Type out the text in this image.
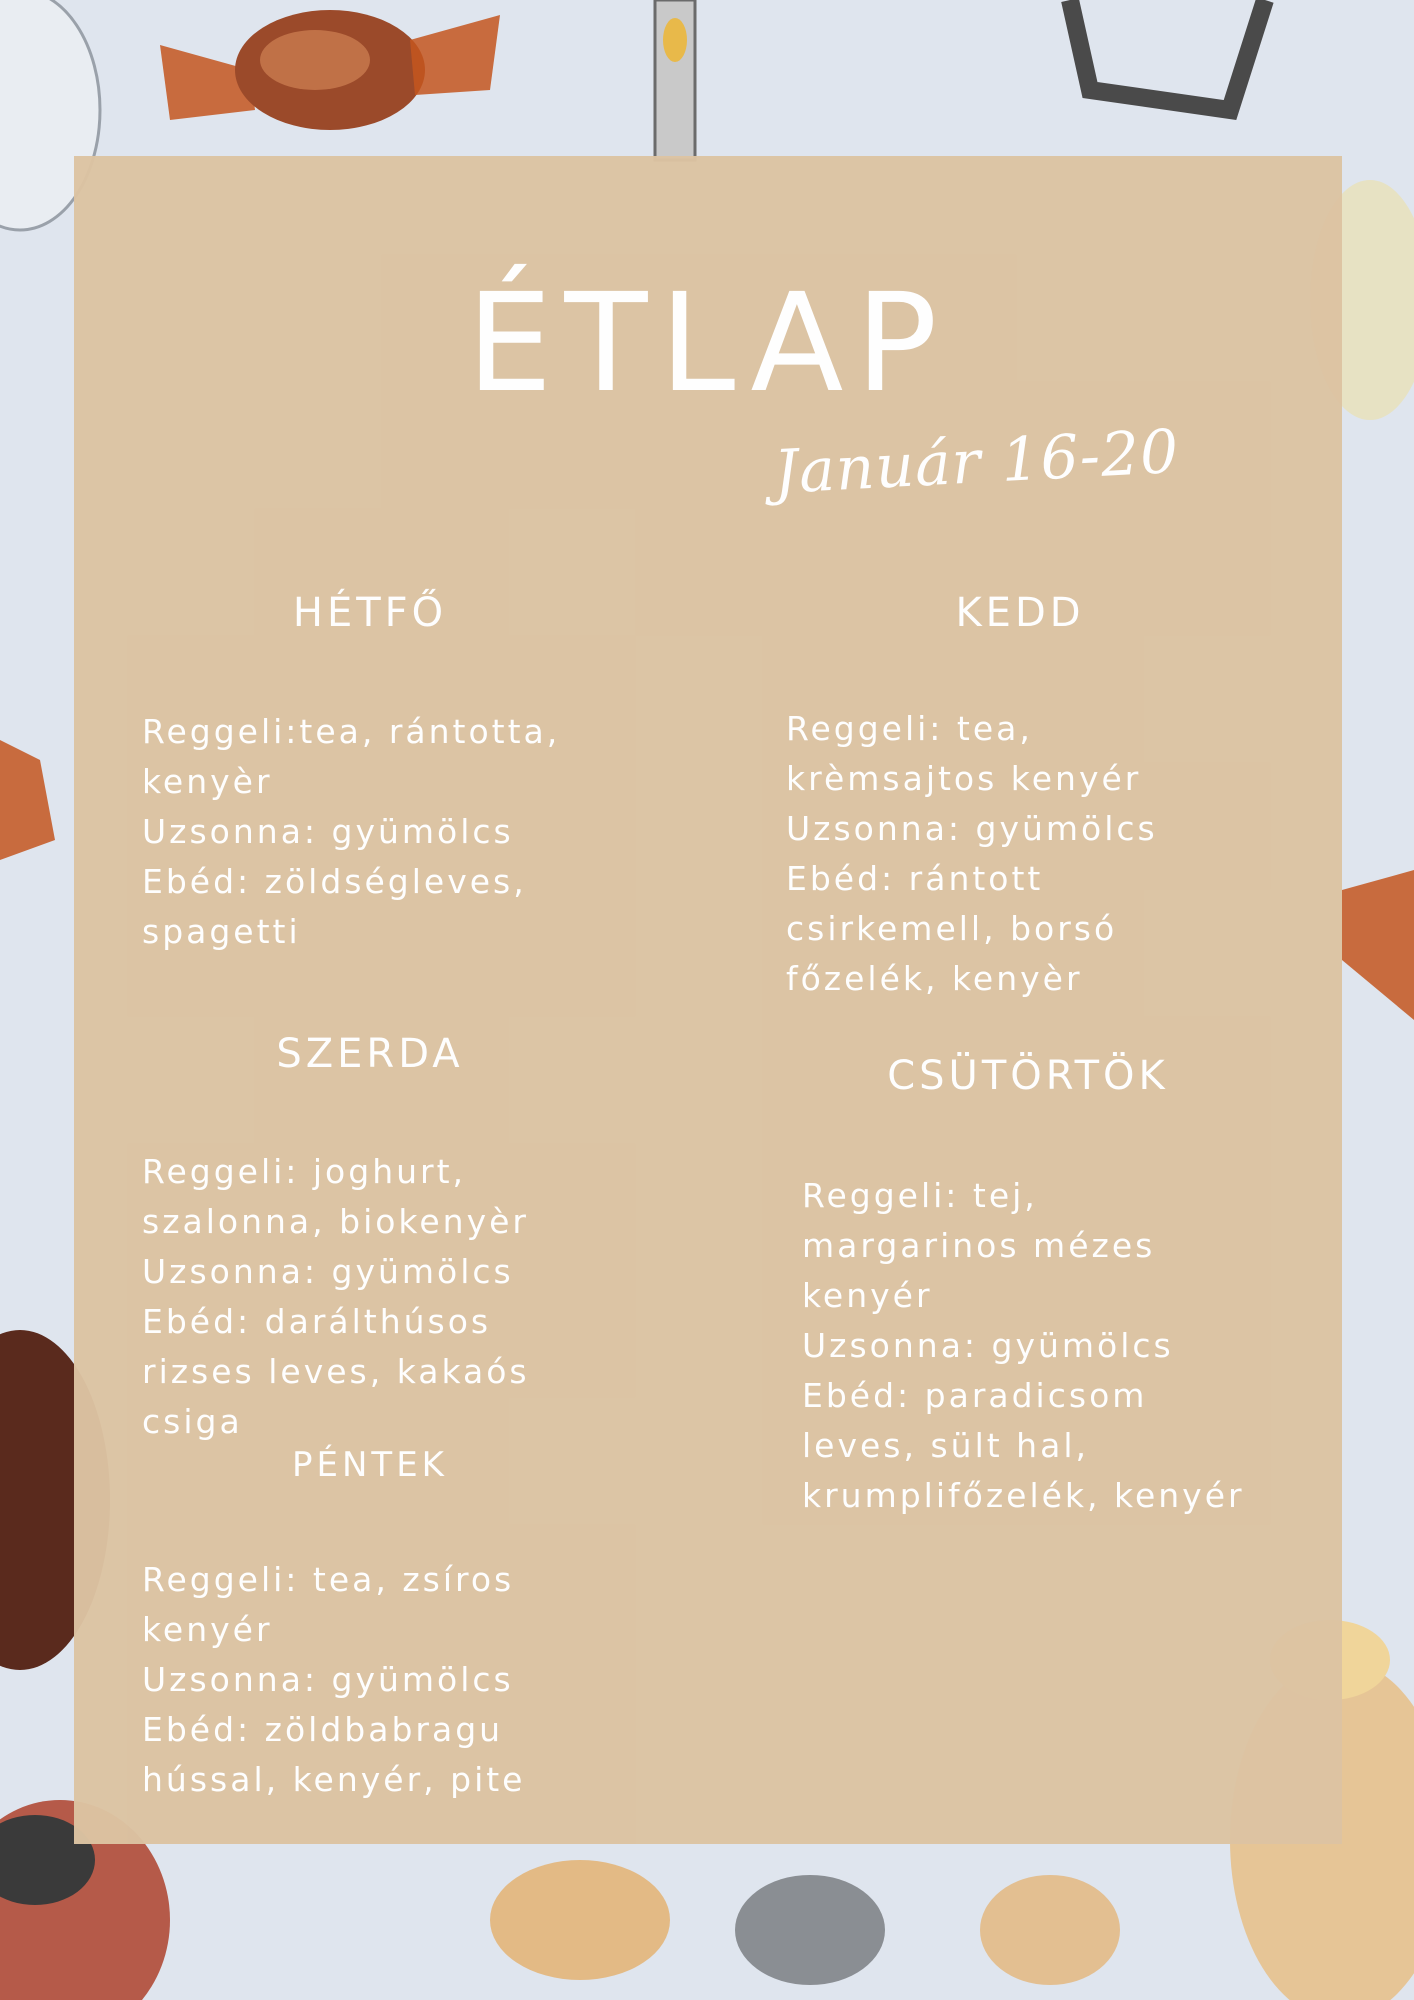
ÉTLAP
Január 16-20
HÉTFŐ
Reggeli:tea, rántotta,
kenyèr
Uzsonna: gyümölcs
Ebéd: zöldségleves,
spagetti
KEDD
Reggeli: tea,
krèmsajtos kenyér
Uzsonna: gyümölcs
Ebéd: rántott
csirkemell, borsó
főzelék, kenyèr
SZERDA
Reggeli: joghurt,
szalonna, biokenyèr
Uzsonna: gyümölcs
Ebéd: darálthúsos
rizses leves, kakaós
csiga
CSÜTÖRTÖK
Reggeli: tej,
margarinos mézes
kenyér
Uzsonna: gyümölcs
Ebéd: paradicsom
leves, sült hal,
krumplifőzelék, kenyér
PÉNTEK
Reggeli: tea, zsíros
kenyér
Uzsonna: gyümölcs
Ebéd: zöldbabragu
hússal, kenyér, pite
